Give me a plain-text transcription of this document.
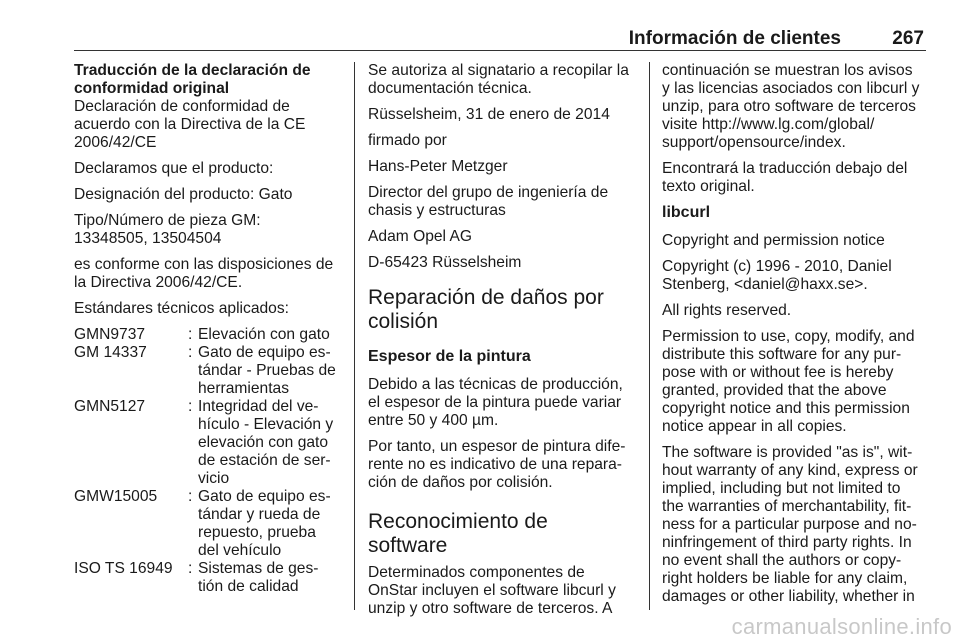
Información de clientes	267
Traducción de la declaración de
conformidad original
Declaración de conformidad de
acuerdo con la Directiva de la CE
2006/42/CE
Declaramos que el producto:
Designación del producto: Gato
Tipo/Número de pieza GM:
13348505, 13504504
es conforme con las disposiciones de
la Directiva 2006/42/CE.
Estándares técnicos aplicados:
GMN9737	: Elevación con gato
GM 14337	: Gato de equipo es-
tándar - Pruebas de
herramientas
GMN5127	: Integridad del ve-
hículo - Elevación y
elevación con gato
de estación de ser-
vicio
GMW15005	: Gato de equipo es-
tándar y rueda de
repuesto, prueba
del vehículo
ISO TS 16949 : Sistemas de ges-
tión de calidad
Se autoriza al signatario a recopilar la
documentación técnica.
Rüsselsheim, 31 de enero de 2014
firmado por
Hans-Peter Metzger
Director del grupo de ingeniería de
chasis y estructuras
Adam Opel AG
D-65423 Rüsselsheim
Reparación de daños por
colisión
Espesor de la pintura
Debido a las técnicas de producción,
el espesor de la pintura puede variar
entre 50 y 400 µm.
Por tanto, un espesor de pintura dife-
rente no es indicativo de una repara-
ción de daños por colisión.
Reconocimiento de
software
Determinados componentes de
OnStar incluyen el software libcurl y
unzip y otro software de terceros. A
continuación se muestran los avisos
y las licencias asociados con libcurl y
unzip, para otro software de terceros
visite http://www.lg.com/global/
support/opensource/index.
Encontrará la traducción debajo del
texto original.
libcurl
Copyright and permission notice
Copyright (c) 1996 - 2010, Daniel
Stenberg, <daniel@haxx.se>.
All rights reserved.
Permission to use, copy, modify, and
distribute this software for any pur-
pose with or without fee is hereby
granted, provided that the above
copyright notice and this permission
notice appear in all copies.
The software is provided "as is", wit-
hout warranty of any kind, express or
implied, including but not limited to
the warranties of merchantability, fit-
ness for a particular purpose and no-
ninfringement of third party rights. In
no event shall the authors or copy-
right holders be liable for any claim,
damages or other liability, whether in
carmanualsonline.info
